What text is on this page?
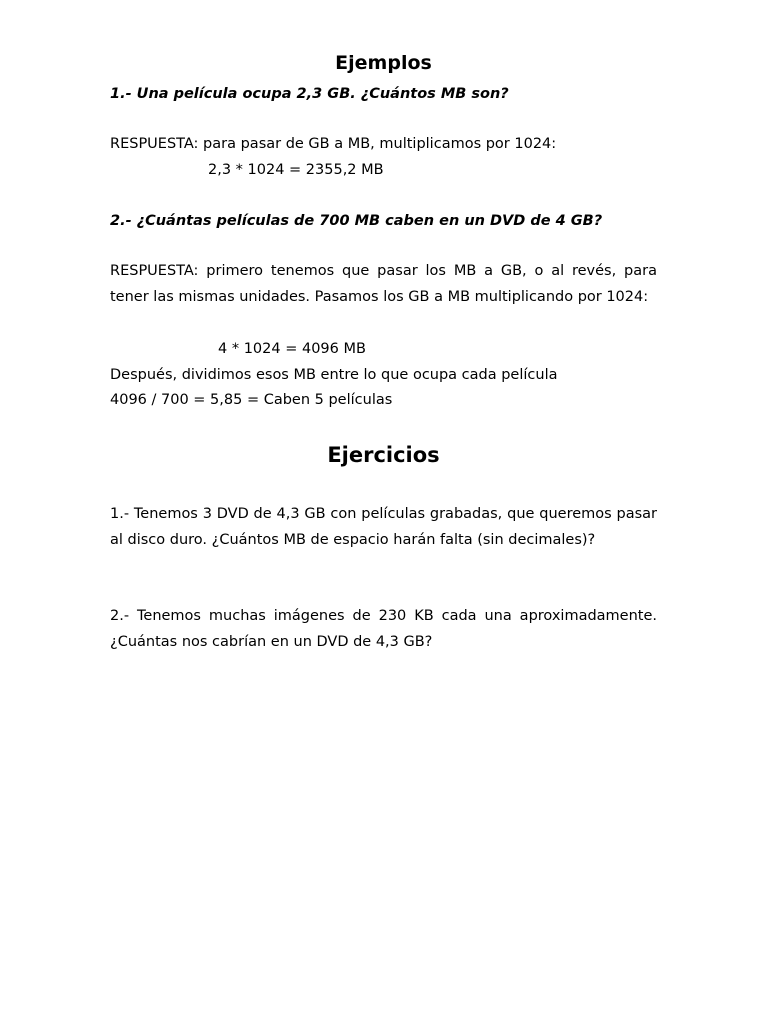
Ejemplos
1.- Una película ocupa 2,3 GB. ¿Cuántos MB son?
RESPUESTA: para pasar de GB a MB, multiplicamos por 1024:
2,3 * 1024 = 2355,2 MB
2.- ¿Cuántas películas de 700 MB caben en un DVD de 4 GB?

RESPUESTA: primero tenemos que pasar los MB a GB, o al revés, para tener las mismas unidades. Pasamos los GB a MB multiplicando por 1024:

4 * 1024 = 4096 MB
Después, dividimos esos MB entre lo que ocupa cada película
4096 / 700 = 5,85 = Caben 5 películas
Ejercicios

1.- Tenemos 3 DVD de 4,3 GB con películas grabadas, que queremos pasar al disco duro. ¿Cuántos MB de espacio harán falta (sin decimales)?

2.- Tenemos muchas imágenes de 230 KB cada una aproximadamente. ¿Cuántas nos cabrían en un DVD de 4,3 GB?
